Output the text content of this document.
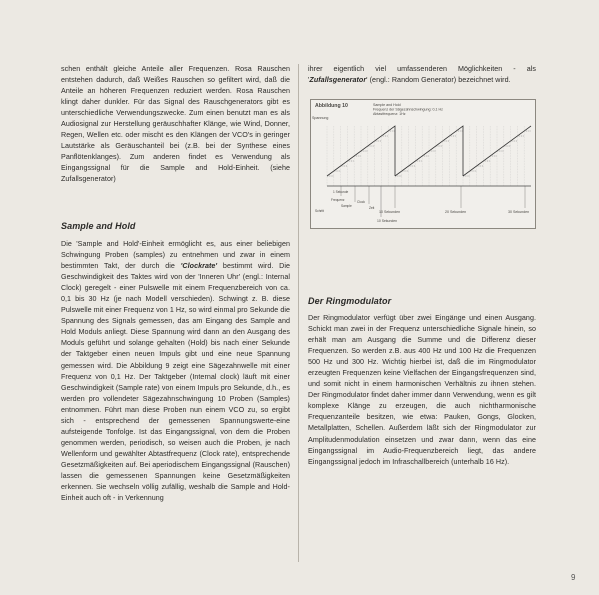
schen enthält gleiche Anteile aller Frequenzen. Rosa Rauschen entstehen dadurch, daß Weißes Rauschen so gefiltert wird, daß die Anteile an höheren Frequenzen reduziert werden. Rosa Rauschen klingt daher dunkler. Für das Signal des Rauschgenerators gibt es unterschiedliche Verwendungszwecke. Zum einen benutzt man es als Audiosignal zur Herstellung geräuschhafter Klänge, wie Wind, Donner, Regen, Wellen etc. oder mischt es den Klängen der VCO's in geringer Lautstärke als Geräuschanteil bei (z.B. bei der Synthese eines Panflötenklanges). Zum anderen findet es Verwendung als Eingangssignal für die Sample and Hold-Einheit. (siehe Zufallsgenerator)

Sample and Hold

Die 'Sample and Hold'-Einheit ermöglicht es, aus einer beliebigen Schwingung Proben (samples) zu entnehmen und zwar in einem bestimmten Takt, der durch die 'Clockrate' bestimmt wird. Die Geschwindigkeit des Taktes wird von der 'Inneren Uhr' (engl.: Internal Clock) geregelt - einer Pulswelle mit einem Frequenzbereich von ca. 0,1 bis 30 Hz (je nach Modell verschieden). Schwingt z. B. diese Pulswelle mit einer Frequenz von 1 Hz, so wird einmal pro Sekunde die Spannung des Signals gemessen, das am Eingang des Sample and Hold Moduls anliegt. Diese Spannung wird dann an den Ausgang des Moduls geführt und solange gehalten (Hold) bis nach einer Sekunde der Taktgeber einen neuen Impuls gibt und eine neue Spannung gemessen wird. Die Abbildung 9 zeigt eine Sägezahnwelle mit einer Frequenz von 0,1 Hz. Der Taktgeber (Internal clock) läuft mit einer Geschwindigkeit (Sample rate) von einem Impuls pro Sekunde, d.h., es werden pro vollendeter Sägezahnschwingung 10 Proben (Samples) entnommen. Führt man diese Proben nun einem VCO zu, so ergibt sich - entsprechend der gemessenen Spannungswerte-eine aufsteigende Tonfolge. Ist das Eingangssignal, von dem die Proben genommen werden, periodisch, so weisen auch die Proben, je nach Wellenform und gewählter Abtastfrequenz (Clock rate), entsprechende Gesetzmäßigkeiten auf. Bei aperiodischem Eingangssignal (Rauschen) lassen die gemessenen Spannungen keine Gesetzmäßigkeiten erkennen. Sie wechseln völlig zufällig, weshalb die Sample and Hold-Einheit auch oft - in Verkennung

ihrer eigentlich viel umfassenderen Möglichkeiten - als 'Zufallsgenerator' (engl.: Random Generator) bezeichnet wird.

Abbildung 10	Sample and Hold
Frequenz der Sägezahnschwingung: 0,1 Hz
Abtastfrequenz: 1Hz
Spannung
10 Sekunden	20 Sekunden	30 Sekunden
Frequenz
Sample
Schritt
Clock
Zeit
1 Sekunde
10 Sekunden
Der Ringmodulator

Der Ringmodulator verfügt über zwei Eingänge und einen Ausgang. Schickt man zwei in der Frequenz unterschiedliche Signale hinein, so erhält man am Ausgang die Summe und die Differenz dieser Frequenzen. So werden z.B. aus 400 Hz und 100 Hz die Frequenzen 500 Hz und 300 Hz. Wichtig hierbei ist, daß die im Ringmodulator erzeugten Frequenzen keine Vielfachen der Eingangsfrequenzen sind, und somit nicht in einem harmonischen Verhältnis zu ihnen stehen. Der Ringmodulator findet daher immer dann Verwendung, wenn es gilt komplexe Klänge zu erzeugen, die auch nichtharmonische Frequenzanteile besitzen, wie etwa: Pauken, Gongs, Glocken, Metallplatten, Schellen. Außerdem läßt sich der Ringmodulator zur Amplitudenmodulation einsetzen und zwar dann, wenn das eine Eingangssignal im Audio-Frequenzbereich liegt, das andere Eingangssignal jedoch im Infraschallbereich (unterhalb 16 Hz).

9
